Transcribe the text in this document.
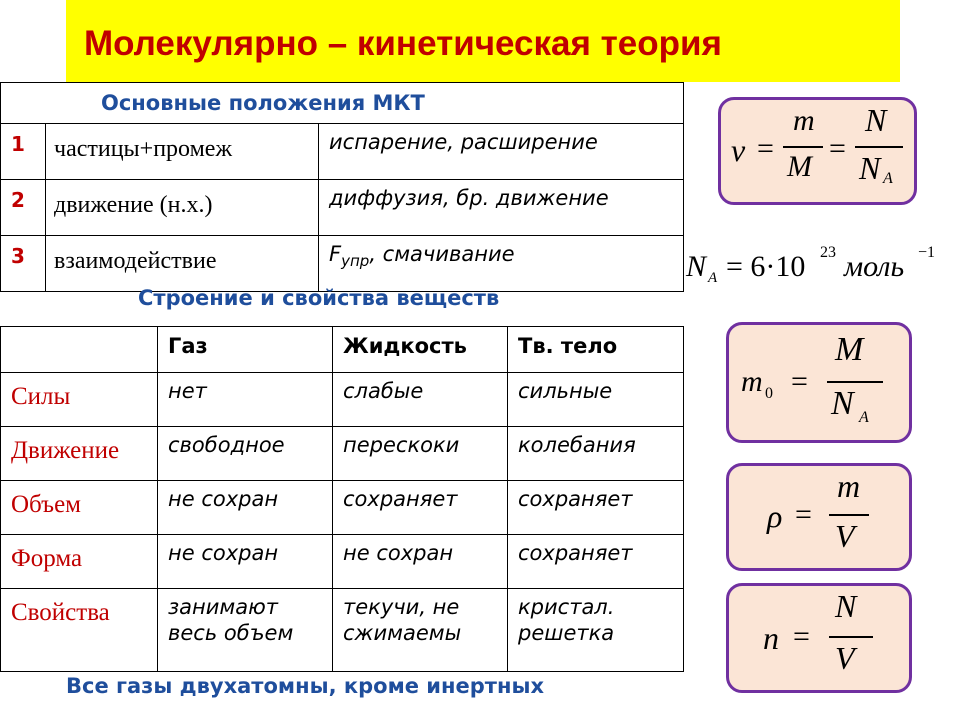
Молекулярно – кинетическая теория
Основные положения МКТ		

1	частицы+промеж	испарение, расширение
2	движение (н.х.)	диффузия, бр. движение
3	взаимодействие	$F_{упр}$, смачивание
Строение и свойства веществ
	Газ	Жидкость	Тв. тело
Силы	нет	слабые	сильные
Движение	свободное	перескоки	колебания
Объем	не сохран	сохраняет	сохраняет
Форма	не сохран	не сохран	сохраняет
Свойства	занимают весь объем	текучи, не сжимаемы	кристал. решетка
Все газы двухатомны, кроме инертных
ν =
m
M
=
N
N A
N A = 6·10 23 моль −1
m 0 =
M
N A
ρ =
m
V
n =
N
V
